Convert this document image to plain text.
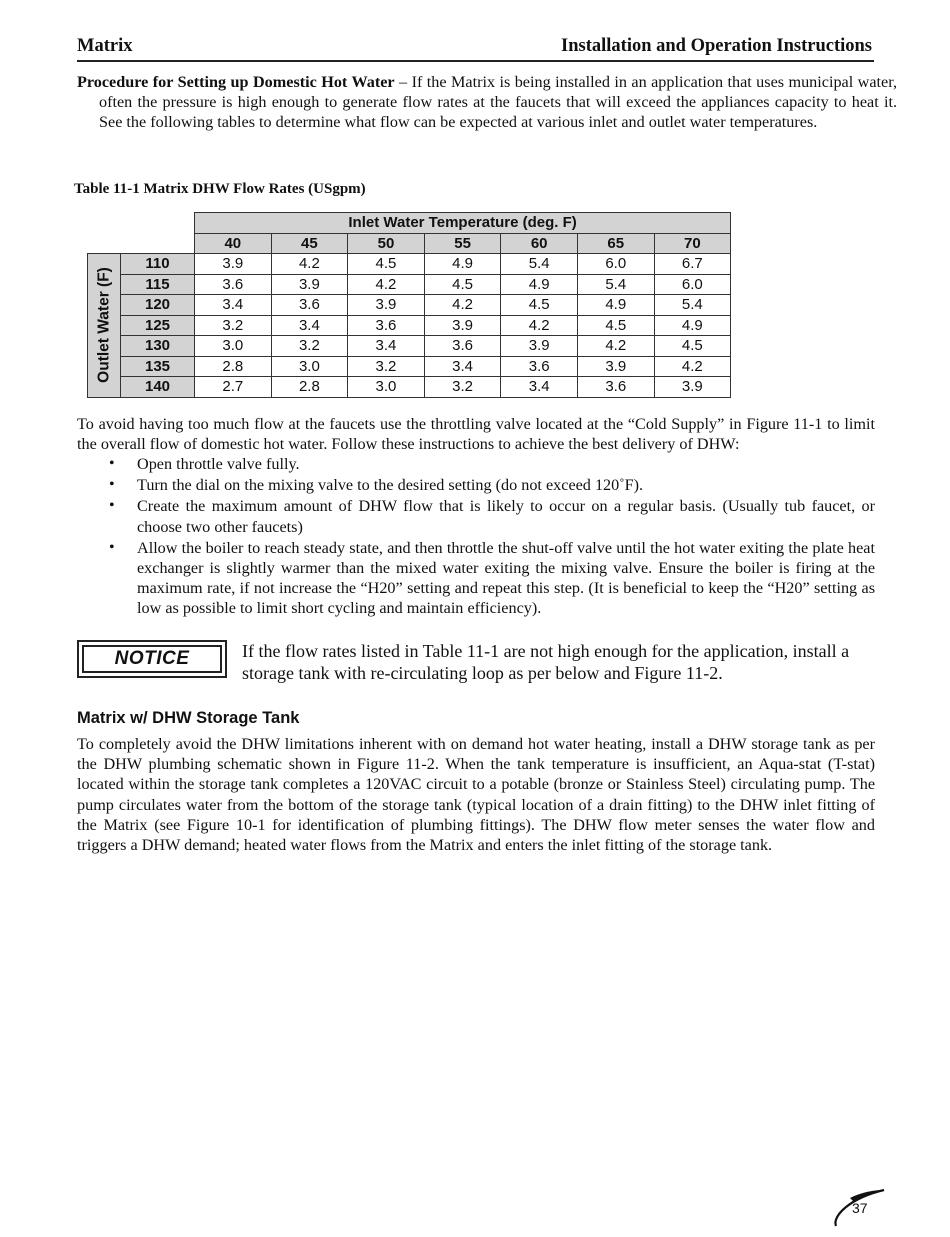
Matrix	Installation and Operation Instructions
Procedure for Setting up Domestic Hot Water – If the Matrix is being installed in an application that uses municipal water, often the pressure is high enough to generate flow rates at the faucets that will exceed the appliances capacity to heat it. See the following tables to determine what flow can be expected at various inlet and outlet water temperatures.
Table 11-1 Matrix DHW Flow Rates (USgpm)
		Inlet Water Temperature (deg. F)						
		40	45	50	55	60	65	70

Outlet Water (F)	110	3.9	4.2	4.5	4.9	5.4	6.0	6.7
	115	3.6	3.9	4.2	4.5	4.9	5.4	6.0
	120	3.4	3.6	3.9	4.2	4.5	4.9	5.4
	125	3.2	3.4	3.6	3.9	4.2	4.5	4.9
	130	3.0	3.2	3.4	3.6	3.9	4.2	4.5
	135	2.8	3.0	3.2	3.4	3.6	3.9	4.2
	140	2.7	2.8	3.0	3.2	3.4	3.6	3.9
To avoid having too much flow at the faucets use the throttling valve located at the “Cold Supply” in Figure 11-1 to limit the overall flow of domestic hot water. Follow these instructions to achieve the best delivery of DHW:
• Open throttle valve fully.
• Turn the dial on the mixing valve to the desired setting (do not exceed 120˚F).
• Create the maximum amount of DHW flow that is likely to occur on a regular basis. (Usually tub faucet, or choose two other faucets)
• Allow the boiler to reach steady state, and then throttle the shut-off valve until the hot water exiting the plate heat exchanger is slightly warmer than the mixed water exiting the mixing valve. Ensure the boiler is firing at the maximum rate, if not increase the “H20” setting and repeat this step. (It is beneficial to keep the “H20” setting as low as possible to limit short cycling and maintain efficiency).
NOTICE	If the flow rates listed in Table 11-1 are not high enough for the application, install a storage tank with re-circulating loop as per below and Figure 11-2.
Matrix w/ DHW Storage Tank
To completely avoid the DHW limitations inherent with on demand hot water heating, install a DHW storage tank as per the DHW plumbing schematic shown in Figure 11-2. When the tank temperature is insufficient, an Aqua-stat (T-stat) located within the storage tank completes a 120VAC circuit to a potable (bronze or Stainless Steel) circulating pump. The pump circulates water from the bottom of the storage tank (typical location of a drain fitting) to the DHW inlet fitting of the Matrix (see Figure 10-1 for identification of plumbing fittings). The DHW flow meter senses the water flow and triggers a DHW demand; heated water flows from the Matrix and enters the inlet fitting of the storage tank.
37
